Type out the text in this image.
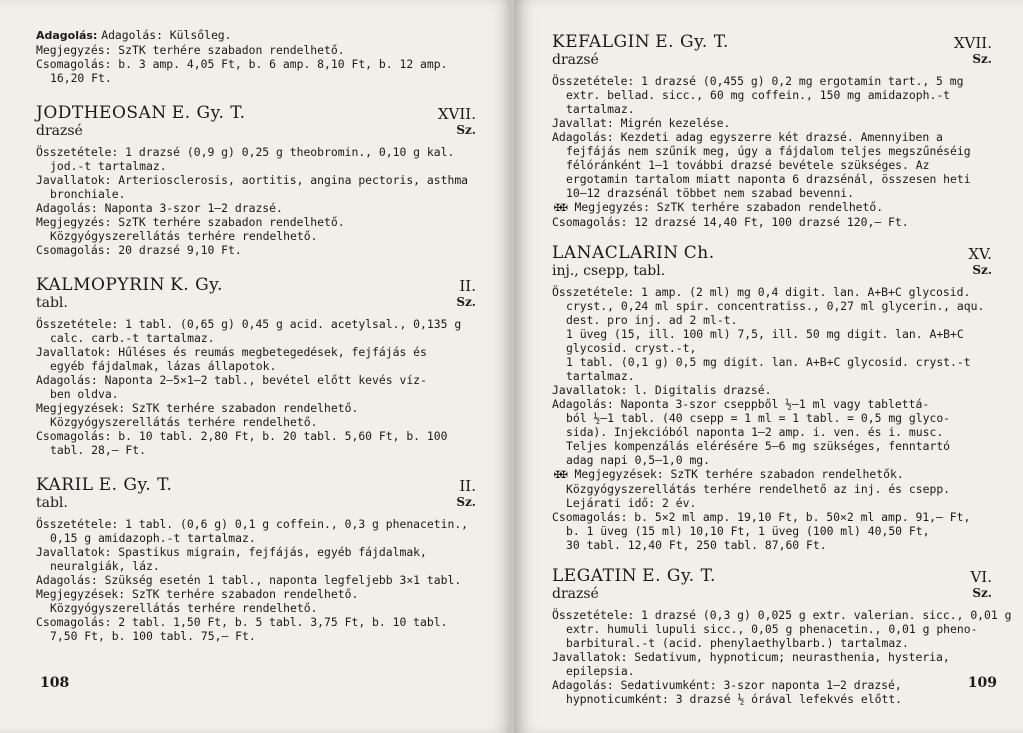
Adagolás: Adagolás: Külsőleg.
Megjegyzés: SzTK terhére szabadon rendelhető.
Csomagolás: b. 3 amp. 4,05 Ft, b. 6 amp. 8,10 Ft, b. 12 amp.
16,20 Ft.
JODTHEOSAN E. Gy. T.	XVII.
drazsé	Sz.
Összetétele: 1 drazsé (0,9 g) 0,25 g theobromin., 0,10 g kal.
jod.-t tartalmaz.
Javallatok: Arteriosclerosis, aortitis, angina pectoris, asthma
bronchiale.
Adagolás: Naponta 3-szor 1—2 drazsé.
Megjegyzés: SzTK terhére szabadon rendelhető.
Közgyógyszerellátás terhére rendelhető.
Csomagolás: 20 drazsé 9,10 Ft.
KALMOPYRIN K. Gy.	II.
tabl.	Sz.
Összetétele: 1 tabl. (0,65 g) 0,45 g acid. acetylsal., 0,135 g
calc. carb.-t tartalmaz.
Javallatok: Hűléses és reumás megbetegedések, fejfájás és
egyéb fájdalmak, lázas állapotok.
Adagolás: Naponta 2—5×1—2 tabl., bevétel előtt kevés víz-
ben oldva.
Megjegyzések: SzTK terhére szabadon rendelhető.
Közgyógyszerellátás terhére rendelhető.
Csomagolás: b. 10 tabl. 2,80 Ft, b. 20 tabl. 5,60 Ft, b. 100
tabl. 28,— Ft.
KARIL E. Gy. T.	II.
tabl.	Sz.
Összetétele: 1 tabl. (0,6 g) 0,1 g coffein., 0,3 g phenacetin.,
0,15 g amidazoph.-t tartalmaz.
Javallatok: Spastikus migrain, fejfájás, egyéb fájdalmak,
neuralgiák, láz.
Adagolás: Szükség esetén 1 tabl., naponta legfeljebb 3×1 tabl.
Megjegyzések: SzTK terhére szabadon rendelhető.
Közgyógyszerellátás terhére rendelhető.
Csomagolás: 2 tabl. 1,50 Ft, b. 5 tabl. 3,75 Ft, b. 10 tabl.
7,50 Ft, b. 100 tabl. 75,— Ft.
108
KEFALGIN E. Gy. T.	XVII.
drazsé	Sz.
Összetétele: 1 drazsé (0,455 g) 0,2 mg ergotamin tart., 5 mg
extr. bellad. sicc., 60 mg coffein., 150 mg amidazoph.-t
tartalmaz.
Javallat: Migrén kezelése.
Adagolás: Kezdeti adag egyszerre két drazsé. Amennyiben a
fejfájás nem szűnik meg, úgy a fájdalom teljes megszűnéséig
félóránként 1—1 további drazsé bevétele szükséges. Az
ergotamin tartalom miatt naponta 6 drazsénál, összesen heti
10—12 drazsénál többet nem szabad bevenni.
✠✠ Megjegyzés: SzTK terhére szabadon rendelhető.
Csomagolás: 12 drazsé 14,40 Ft, 100 drazsé 120,— Ft.
LANACLARIN Ch.	XV.
inj., csepp, tabl.	Sz.
Összetétele: 1 amp. (2 ml) mg 0,4 digit. lan. A+B+C glycosid.
cryst., 0,24 ml spir. concentratiss., 0,27 ml glycerin., aqu.
dest. pro inj. ad 2 ml-t.
1 üveg (15, ill. 100 ml) 7,5, ill. 50 mg digit. lan. A+B+C
glycosid. cryst.-t,
1 tabl. (0,1 g) 0,5 mg digit. lan. A+B+C glycosid. cryst.-t
tartalmaz.
Javallatok: l. Digitalis drazsé.
Adagolás: Naponta 3-szor cseppből ½—1 ml vagy tablettá-
ból ½—1 tabl. (40 csepp = 1 ml = 1 tabl. = 0,5 mg glyco-
sida). Injekcióból naponta 1—2 amp. i. ven. és i. musc.
Teljes kompenzálás elérésére 5—6 mg szükséges, fenntartó
adag napi 0,5—1,0 mg.
✠✠ Megjegyzések: SzTK terhére szabadon rendelhetők.
Közgyógyszerellátás terhére rendelhető az inj. és csepp.
Lejárati idő: 2 év.
Csomagolás: b. 5×2 ml amp. 19,10 Ft, b. 50×2 ml amp. 91,— Ft,
b. 1 üveg (15 ml) 10,10 Ft, 1 üveg (100 ml) 40,50 Ft,
30 tabl. 12,40 Ft, 250 tabl. 87,60 Ft.
LEGATIN E. Gy. T.	VI.
drazsé	Sz.
Összetétele: 1 drazsé (0,3 g) 0,025 g extr. valerian. sicc., 0,01 g
extr. humuli lupuli sicc., 0,05 g phenacetin., 0,01 g pheno-
barbitural.-t (acid. phenylaethylbarb.) tartalmaz.
Javallatok: Sedativum, hypnoticum; neurasthenia, hysteria,
epilepsia.
Adagolás: Sedativumként: 3-szor naponta 1—2 drazsé,
hypnoticumként: 3 drazsé ½ órával lefekvés előtt.
109
